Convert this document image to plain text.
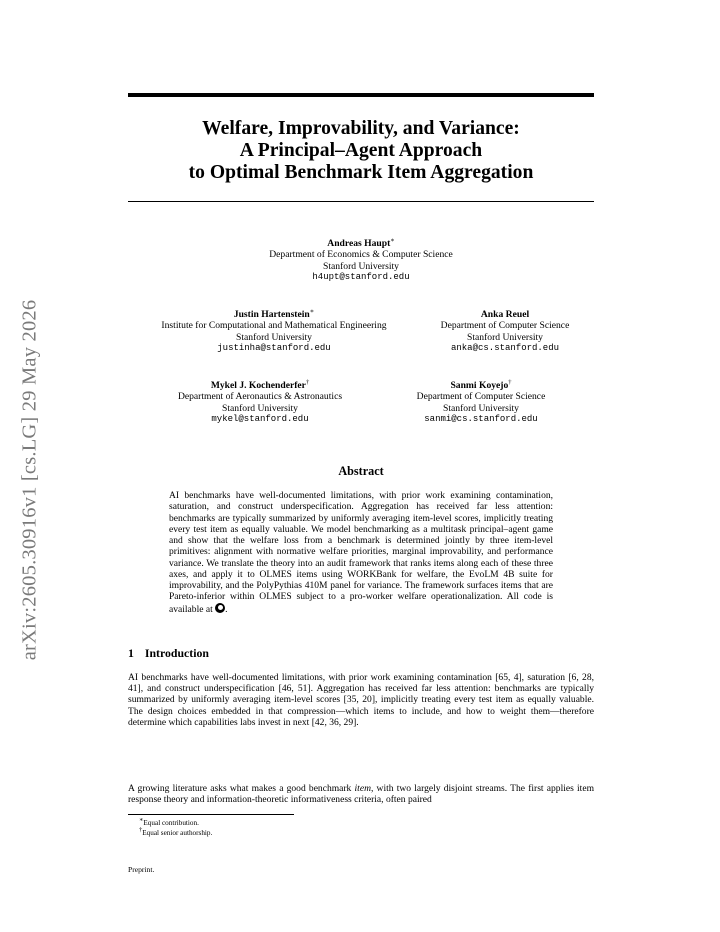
arXiv:2605.30916v1 [cs.LG] 29 May 2026
Welfare, Improvability, and Variance:
A Principal–Agent Approach
to Optimal Benchmark Item Aggregation
Andreas Haupt∗
Department of Economics & Computer Science
Stanford University
h4upt@stanford.edu
Justin Hartenstein∗
Institute for Computational and Mathematical Engineering
Stanford University
justinha@stanford.edu
Anka Reuel
Department of Computer Science
Stanford University
anka@cs.stanford.edu
Mykel J. Kochenderfer†
Department of Aeronautics & Astronautics
Stanford University
mykel@stanford.edu
Sanmi Koyejo†
Department of Computer Science
Stanford University
sanmi@cs.stanford.edu
Abstract

AI benchmarks have well-documented limitations, with prior work examining contamination, saturation, and construct underspecification. Aggregation has received far less attention: benchmarks are typically summarized by uniformly averaging item-level scores, implicitly treating every test item as equally valuable. We model benchmarking as a multitask principal–agent game and show that the welfare loss from a benchmark is determined jointly by three item-level primitives: alignment with normative welfare priorities, marginal improvability, and performance variance. We translate the theory into an audit framework that ranks items along each of these three axes, and apply it to OLMES items using WORKBank for welfare, the EvoLM 4B suite for improvability, and the PolyPythias 410M panel for variance. The framework surfaces items that are Pareto-inferior within OLMES subject to a pro-worker welfare operationalization. All code is available at .

1 Introduction

AI benchmarks have well-documented limitations, with prior work examining contamination [65, 4], saturation [6, 28, 41], and construct underspecification [46, 51]. Aggregation has received far less attention: benchmarks are typically summarized by uniformly averaging item-level scores [35, 20], implicitly treating every test item as equally valuable. The design choices embedded in that compression—which items to include, and how to weight them—therefore determine which capabilities labs invest in next [42, 36, 29].

A growing literature asks what makes a good benchmark item, with two largely disjoint streams. The first applies item response theory and information-theoretic informativeness criteria, often paired

∗Equal contribution.
†Equal senior authorship.
Preprint.
